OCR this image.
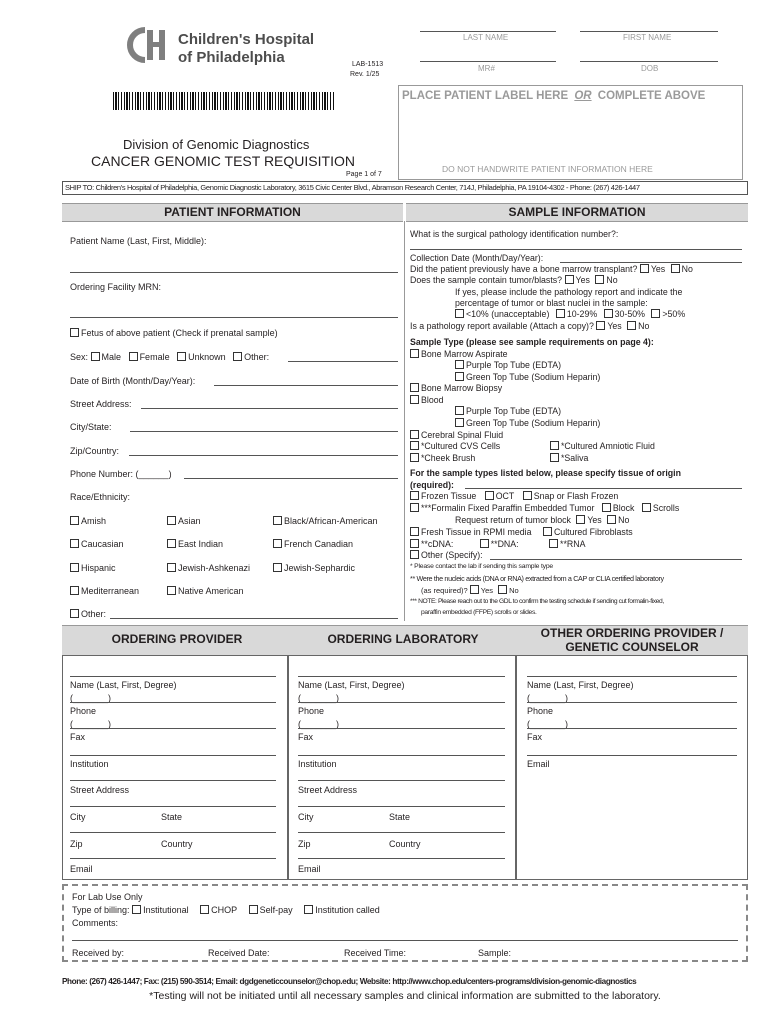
Children's Hospital
of Philadelphia	LAB-1513
Rev. 1/25
Division of Genomic Diagnostics
CANCER GENOMIC TEST REQUISITION
Page 1 of 7
LAST NAME	FIRST NAME
MR#	DOB
PLACE PATIENT LABEL HERE OR COMPLETE ABOVE
DO NOT HANDWRITE PATIENT INFORMATION HERE
SHIP TO: Children's Hospital of Philadelphia, Genomic Diagnostic Laboratory, 3615 Civic Center Blvd., Abramson Research Center, 714J, Philadelphia, PA 19104-4302 - Phone: (267) 426-1447
PATIENT INFORMATION	SAMPLE INFORMATION
Patient Name (Last, First, Middle):
Ordering Facility MRN:
Fetus of above patient (Check if prenatal sample)
Sex: Male Female Unknown Other:
Date of Birth (Month/Day/Year):
Street Address:
City/State:
Zip/Country:
Phone Number: (______)
Race/Ethnicity:
Amish	Asian	Black/African-American
Caucasian	East Indian	French Canadian
Hispanic	Jewish-Ashkenazi	Jewish-Sephardic
Mediterranean	Native American
Other:
What is the surgical pathology identification number?:
Collection Date (Month/Day/Year):
Did the patient previously have a bone marrow transplant? Yes No
Does the sample contain tumor/blasts? Yes No
If yes, please include the pathology report and indicate the
percentage of tumor or blast nuclei in the sample:
<10% (unacceptable) 10-29% 30-50% >50%
Is a pathology report available (Attach a copy)? Yes No
Sample Type (please see sample requirements on page 4):
Bone Marrow Aspirate
Purple Top Tube (EDTA)
Green Top Tube (Sodium Heparin)
Bone Marrow Biopsy
Blood
Purple Top Tube (EDTA)
Green Top Tube (Sodium Heparin)
Cerebral Spinal Fluid
*Cultured CVS Cells	*Cultured Amniotic Fluid
*Cheek Brush	*Saliva
For the sample types listed below, please specify tissue of origin
(required):
Frozen Tissue OCT Snap or Flash Frozen
***Formalin Fixed Paraffin Embedded Tumor Block Scrolls
Request return of tumor block Yes No
Fresh Tissue in RPMI media	Cultured Fibroblasts
**cDNA:	**DNA:	**RNA
Other (Specify):
* Please contact the lab if sending this sample type
** Were the nucleic acids (DNA or RNA) extracted from a CAP or CLIA certified laboratory
(as required)? Yes No
*** NOTE: Please reach out to the GDL to confirm the testing schedule if sending cut formalin-fixed,
paraffin embedded (FFPE) scrolls or slides.
ORDERING PROVIDER	ORDERING LABORATORY	OTHER ORDERING PROVIDER /
GENETIC COUNSELOR
Name (Last, First, Degree)
(_______)
Phone
(_______)
Fax
Institution
Street Address
City	State
Zip	Country
Email
Name (Last, First, Degree)
(_______)
Phone
(_______)
Fax
Institution
Street Address
City	State
Zip	Country
Email
Name (Last, First, Degree)
(_______)
Phone
(_______)
Fax
Email
For Lab Use Only
Type of billing: Institutional	CHOP	Self-pay	Institution called
Comments:
Received by:	Received Date:	Received Time:	Sample:
Phone: (267) 426-1447; Fax: (215) 590-3514; Email: dgdgeneticcounselor@chop.edu; Website: http://www.chop.edu/centers-programs/division-genomic-diagnostics
*Testing will not be initiated until all necessary samples and clinical information are submitted to the laboratory.
